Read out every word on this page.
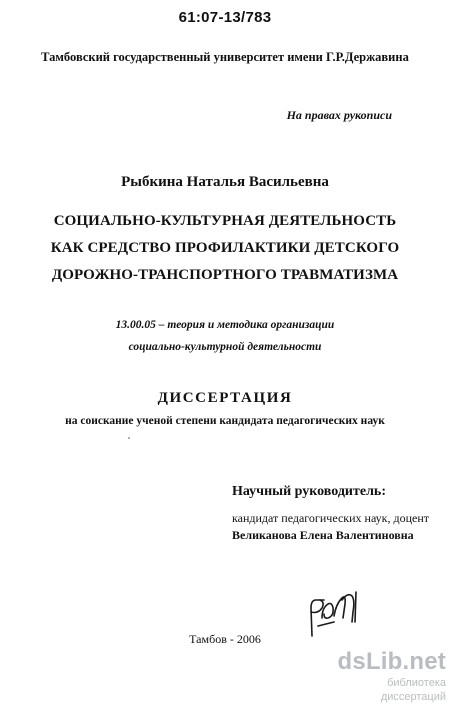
61:07-13/783
Тамбовский государственный университет имени Г.Р.Державина
На правах рукописи
Рыбкина Наталья Васильевна
СОЦИАЛЬНО-КУЛЬТУРНАЯ ДЕЯТЕЛЬНОСТЬ
КАК СРЕДСТВО ПРОФИЛАКТИКИ ДЕТСКОГО
ДОРОЖНО-ТРАНСПОРТНОГО ТРАВМАТИЗМА
13.00.05 – теория и методика организации
социально-культурной деятельности
ДИССЕРТАЦИЯ
на соискание ученой степени кандидата педагогических наук
Научный руководитель:
кандидат педагогических наук, доцент
Великанова Елена Валентиновна
Тамбов - 2006
dsLib.net
библиотека диссертаций
